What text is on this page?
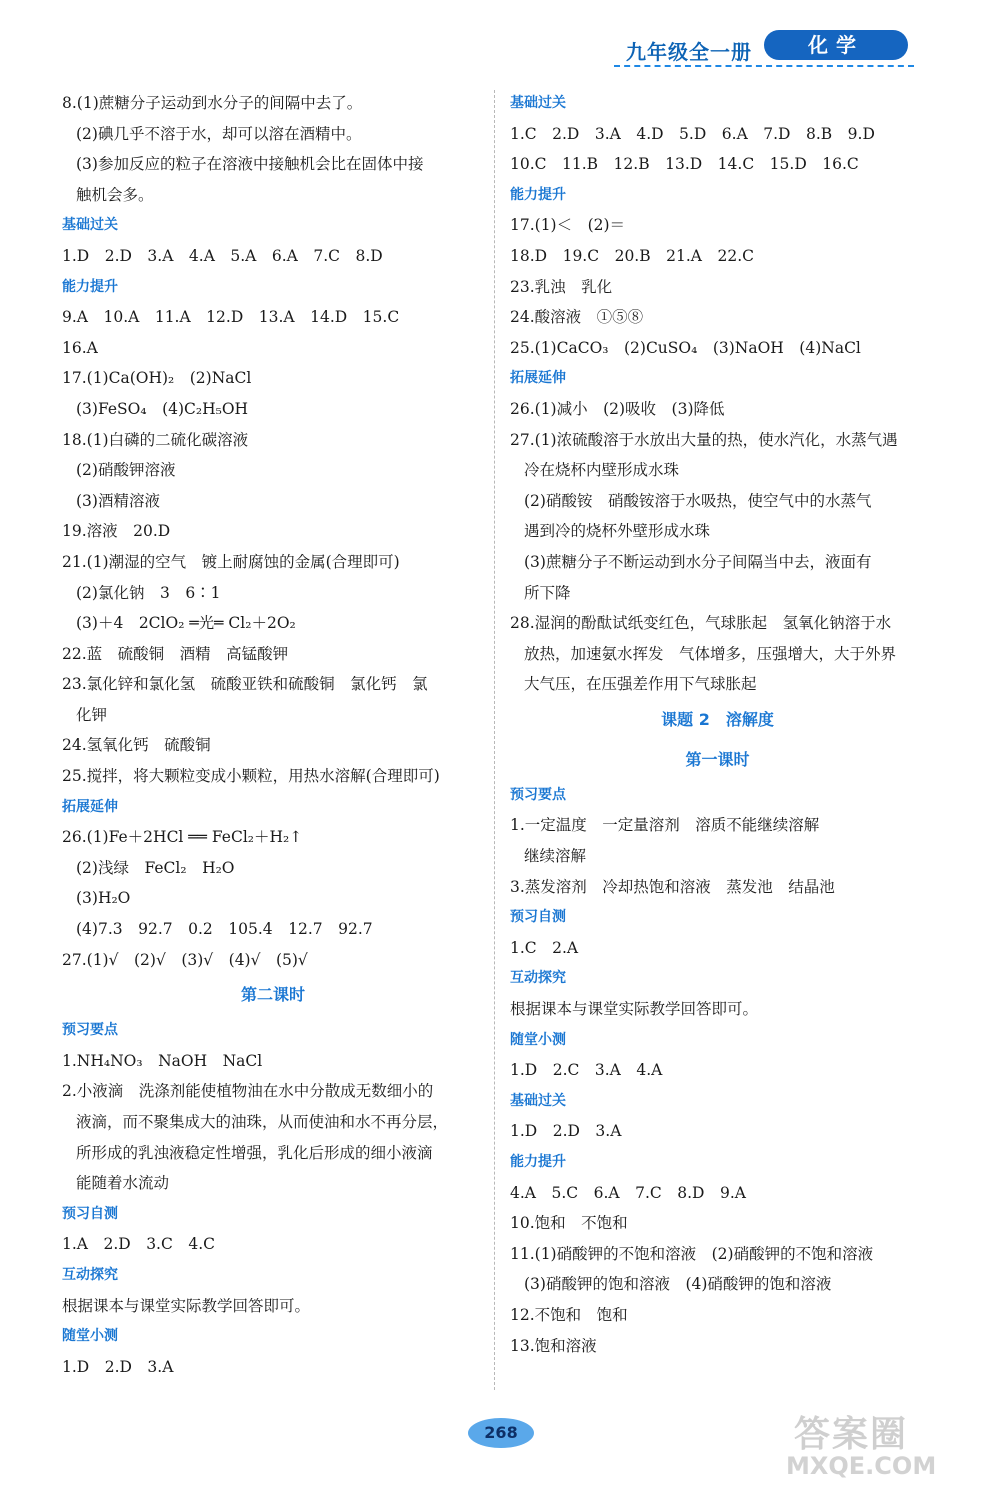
九年级全一册	化学
8.(1)蔗糖分子运动到水分子的间隔中去了。
(2)碘几乎不溶于水，却可以溶在酒精中。
(3)参加反应的粒子在溶液中接触机会比在固体中接
触机会多。
基础过关
1.D　2.D　3.A　4.A　5.A　6.A　7.C　8.D
能力提升
9.A　10.A　11.A　12.D　13.A　14.D　15.C
16.A
17.(1)Ca(OH)₂　(2)NaCl
(3)FeSO₄　(4)C₂H₅OH
18.(1)白磷的二硫化碳溶液
(2)硝酸钾溶液
(3)酒精溶液
19.溶液　20.D
21.(1)潮湿的空气　镀上耐腐蚀的金属(合理即可)
(2)氯化钠　3　6∶1
(3)＋4　2ClO₂ ═光═ Cl₂＋2O₂
22.蓝　硫酸铜　酒精　高锰酸钾
23.氯化锌和氯化氢　硫酸亚铁和硫酸铜　氯化钙　氯
化钾
24.氢氧化钙　硫酸铜
25.搅拌，将大颗粒变成小颗粒，用热水溶解(合理即可)
拓展延伸
26.(1)Fe＋2HCl ══ FeCl₂＋H₂↑
(2)浅绿　FeCl₂　H₂O
(3)H₂O
(4)7.3　92.7　0.2　105.4　12.7　92.7
27.(1)√　(2)√　(3)√　(4)√　(5)√
第二课时
预习要点
1.NH₄NO₃　NaOH　NaCl
2.小液滴　洗涤剂能使植物油在水中分散成无数细小的
液滴，而不聚集成大的油珠，从而使油和水不再分层，
所形成的乳浊液稳定性增强，乳化后形成的细小液滴
能随着水流动
预习自测
1.A　2.D　3.C　4.C
互动探究
根据课本与课堂实际教学回答即可。
随堂小测
1.D　2.D　3.A
基础过关
1.C　2.D　3.A　4.D　5.D　6.A　7.D　8.B　9.D
10.C　11.B　12.B　13.D　14.C　15.D　16.C
能力提升
17.(1)＜　(2)＝
18.D　19.C　20.B　21.A　22.C
23.乳浊　乳化
24.酸溶液　①⑤⑧
25.(1)CaCO₃　(2)CuSO₄　(3)NaOH　(4)NaCl
拓展延伸
26.(1)减小　(2)吸收　(3)降低
27.(1)浓硫酸溶于水放出大量的热，使水汽化，水蒸气遇
冷在烧杯内壁形成水珠
(2)硝酸铵　硝酸铵溶于水吸热，使空气中的水蒸气
遇到冷的烧杯外壁形成水珠
(3)蔗糖分子不断运动到水分子间隔当中去，液面有
所下降
28.湿润的酚酞试纸变红色，气球胀起　氢氧化钠溶于水
放热，加速氨水挥发　气体增多，压强增大，大于外界
大气压，在压强差作用下气球胀起
课题 2　溶解度
第一课时
预习要点
1.一定温度　一定量溶剂　溶质不能继续溶解
继续溶解
3.蒸发溶剂　冷却热饱和溶液　蒸发池　结晶池
预习自测
1.C　2.A
互动探究
根据课本与课堂实际教学回答即可。
随堂小测
1.D　2.C　3.A　4.A
基础过关
1.D　2.D　3.A
能力提升
4.A　5.C　6.A　7.C　8.D　9.A
10.饱和　不饱和
11.(1)硝酸钾的不饱和溶液　(2)硝酸钾的不饱和溶液
(3)硝酸钾的饱和溶液　(4)硝酸钾的饱和溶液
12.不饱和　饱和
13.饱和溶液
268	答案圈
MXQE.COM
